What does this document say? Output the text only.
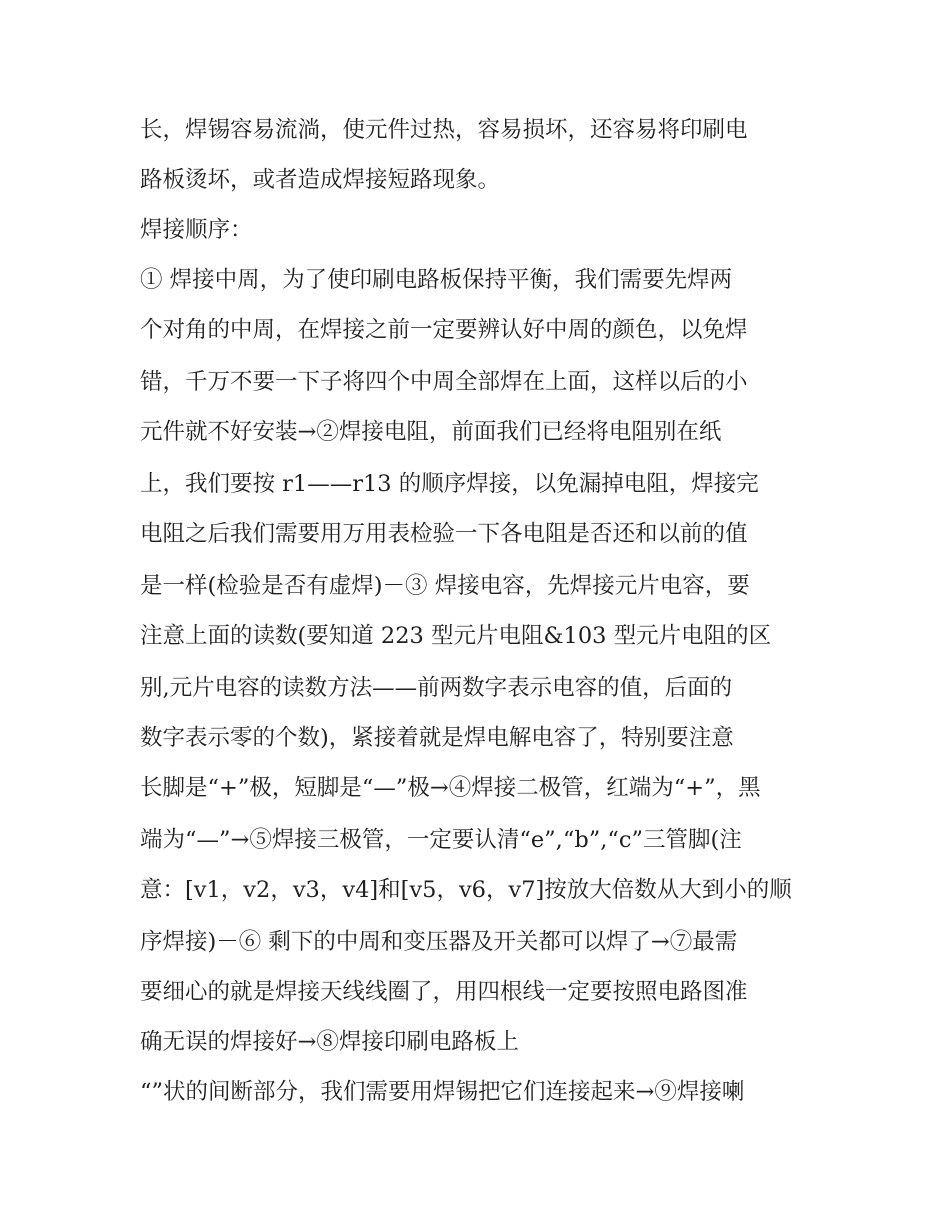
长，焊锡容易流淌，使元件过热，容易损坏，还容易将印刷电
路板烫坏，或者造成焊接短路现象。
焊接顺序：
① 焊接中周，为了使印刷电路板保持平衡，我们需要先焊两
个对角的中周，在焊接之前一定要辨认好中周的颜色，以免焊
错，千万不要一下子将四个中周全部焊在上面，这样以后的小
元件就不好安装→②焊接电阻，前面我们已经将电阻别在纸
上，我们要按 r1——r13 的顺序焊接，以免漏掉电阻，焊接完
电阻之后我们需要用万用表检验一下各电阻是否还和以前的值
是一样(检验是否有虚焊)－③ 焊接电容，先焊接元片电容，要
注意上面的读数(要知道 223 型元片电阻&103 型元片电阻的区
别,元片电容的读数方法——前两数字表示电容的值，后面的
数字表示零的个数)，紧接着就是焊电解电容了，特别要注意
长脚是“+”极，短脚是“—”极→④焊接二极管，红端为“+”，黑
端为“—”→⑤焊接三极管，一定要认清“e”,“b”,“c”三管脚(注
意：[v1，v2，v3，v4]和[v5，v6，v7]按放大倍数从大到小的顺
序焊接)－⑥ 剩下的中周和变压器及开关都可以焊了→⑦最需
要细心的就是焊接天线线圈了，用四根线一定要按照电路图准
确无误的焊接好→⑧焊接印刷电路板上
“”状的间断部分，我们需要用焊锡把它们连接起来→⑨焊接喇
